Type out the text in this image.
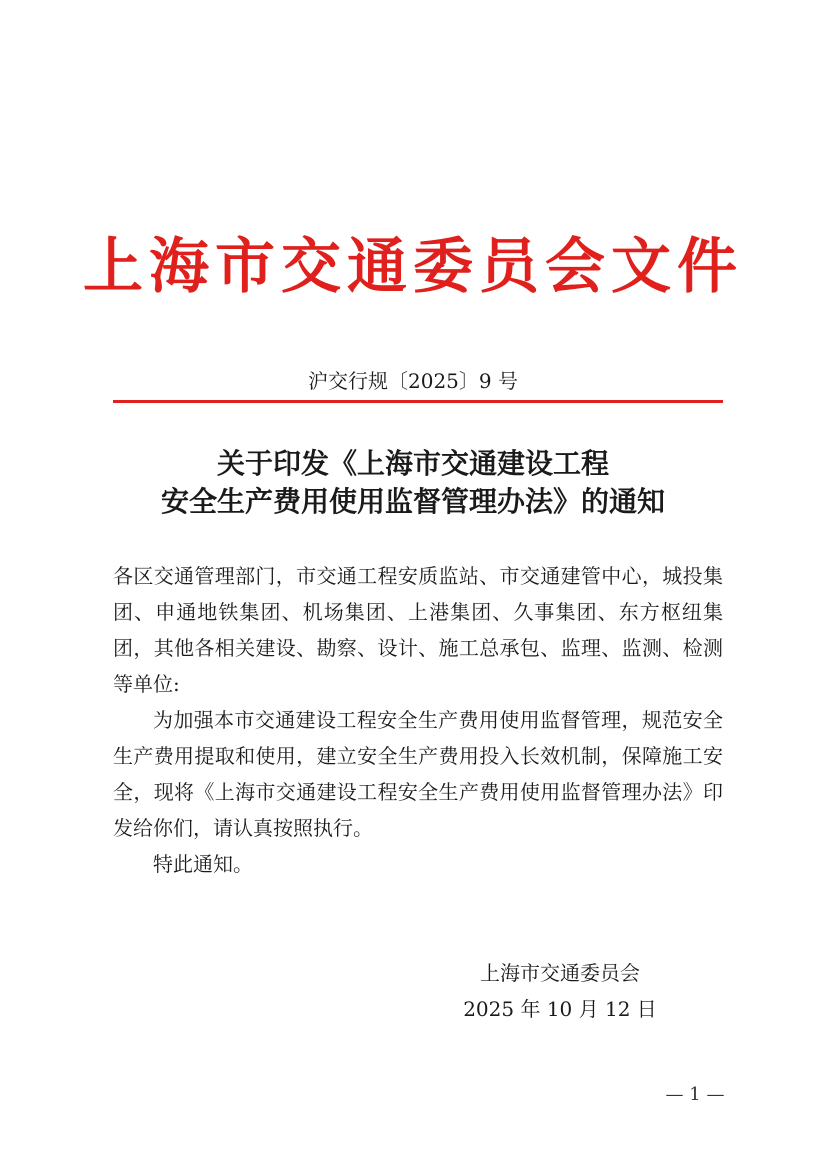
上海市交通委员会文件
沪交行规〔2025〕9 号
关于印发《上海市交通建设工程
安全生产费用使用监督管理办法》的通知
各区交通管理部门，市交通工程安质监站、市交通建管中心，城投集团、申通地铁集团、机场集团、上港集团、久事集团、东方枢纽集团，其他各相关建设、勘察、设计、施工总承包、监理、监测、检测等单位:
为加强本市交通建设工程安全生产费用使用监督管理，规范安全生产费用提取和使用，建立安全生产费用投入长效机制，保障施工安全，现将《上海市交通建设工程安全生产费用使用监督管理办法》印发给你们，请认真按照执行。
特此通知。
上海市交通委员会
2025 年 10 月 12 日
— 1 —
